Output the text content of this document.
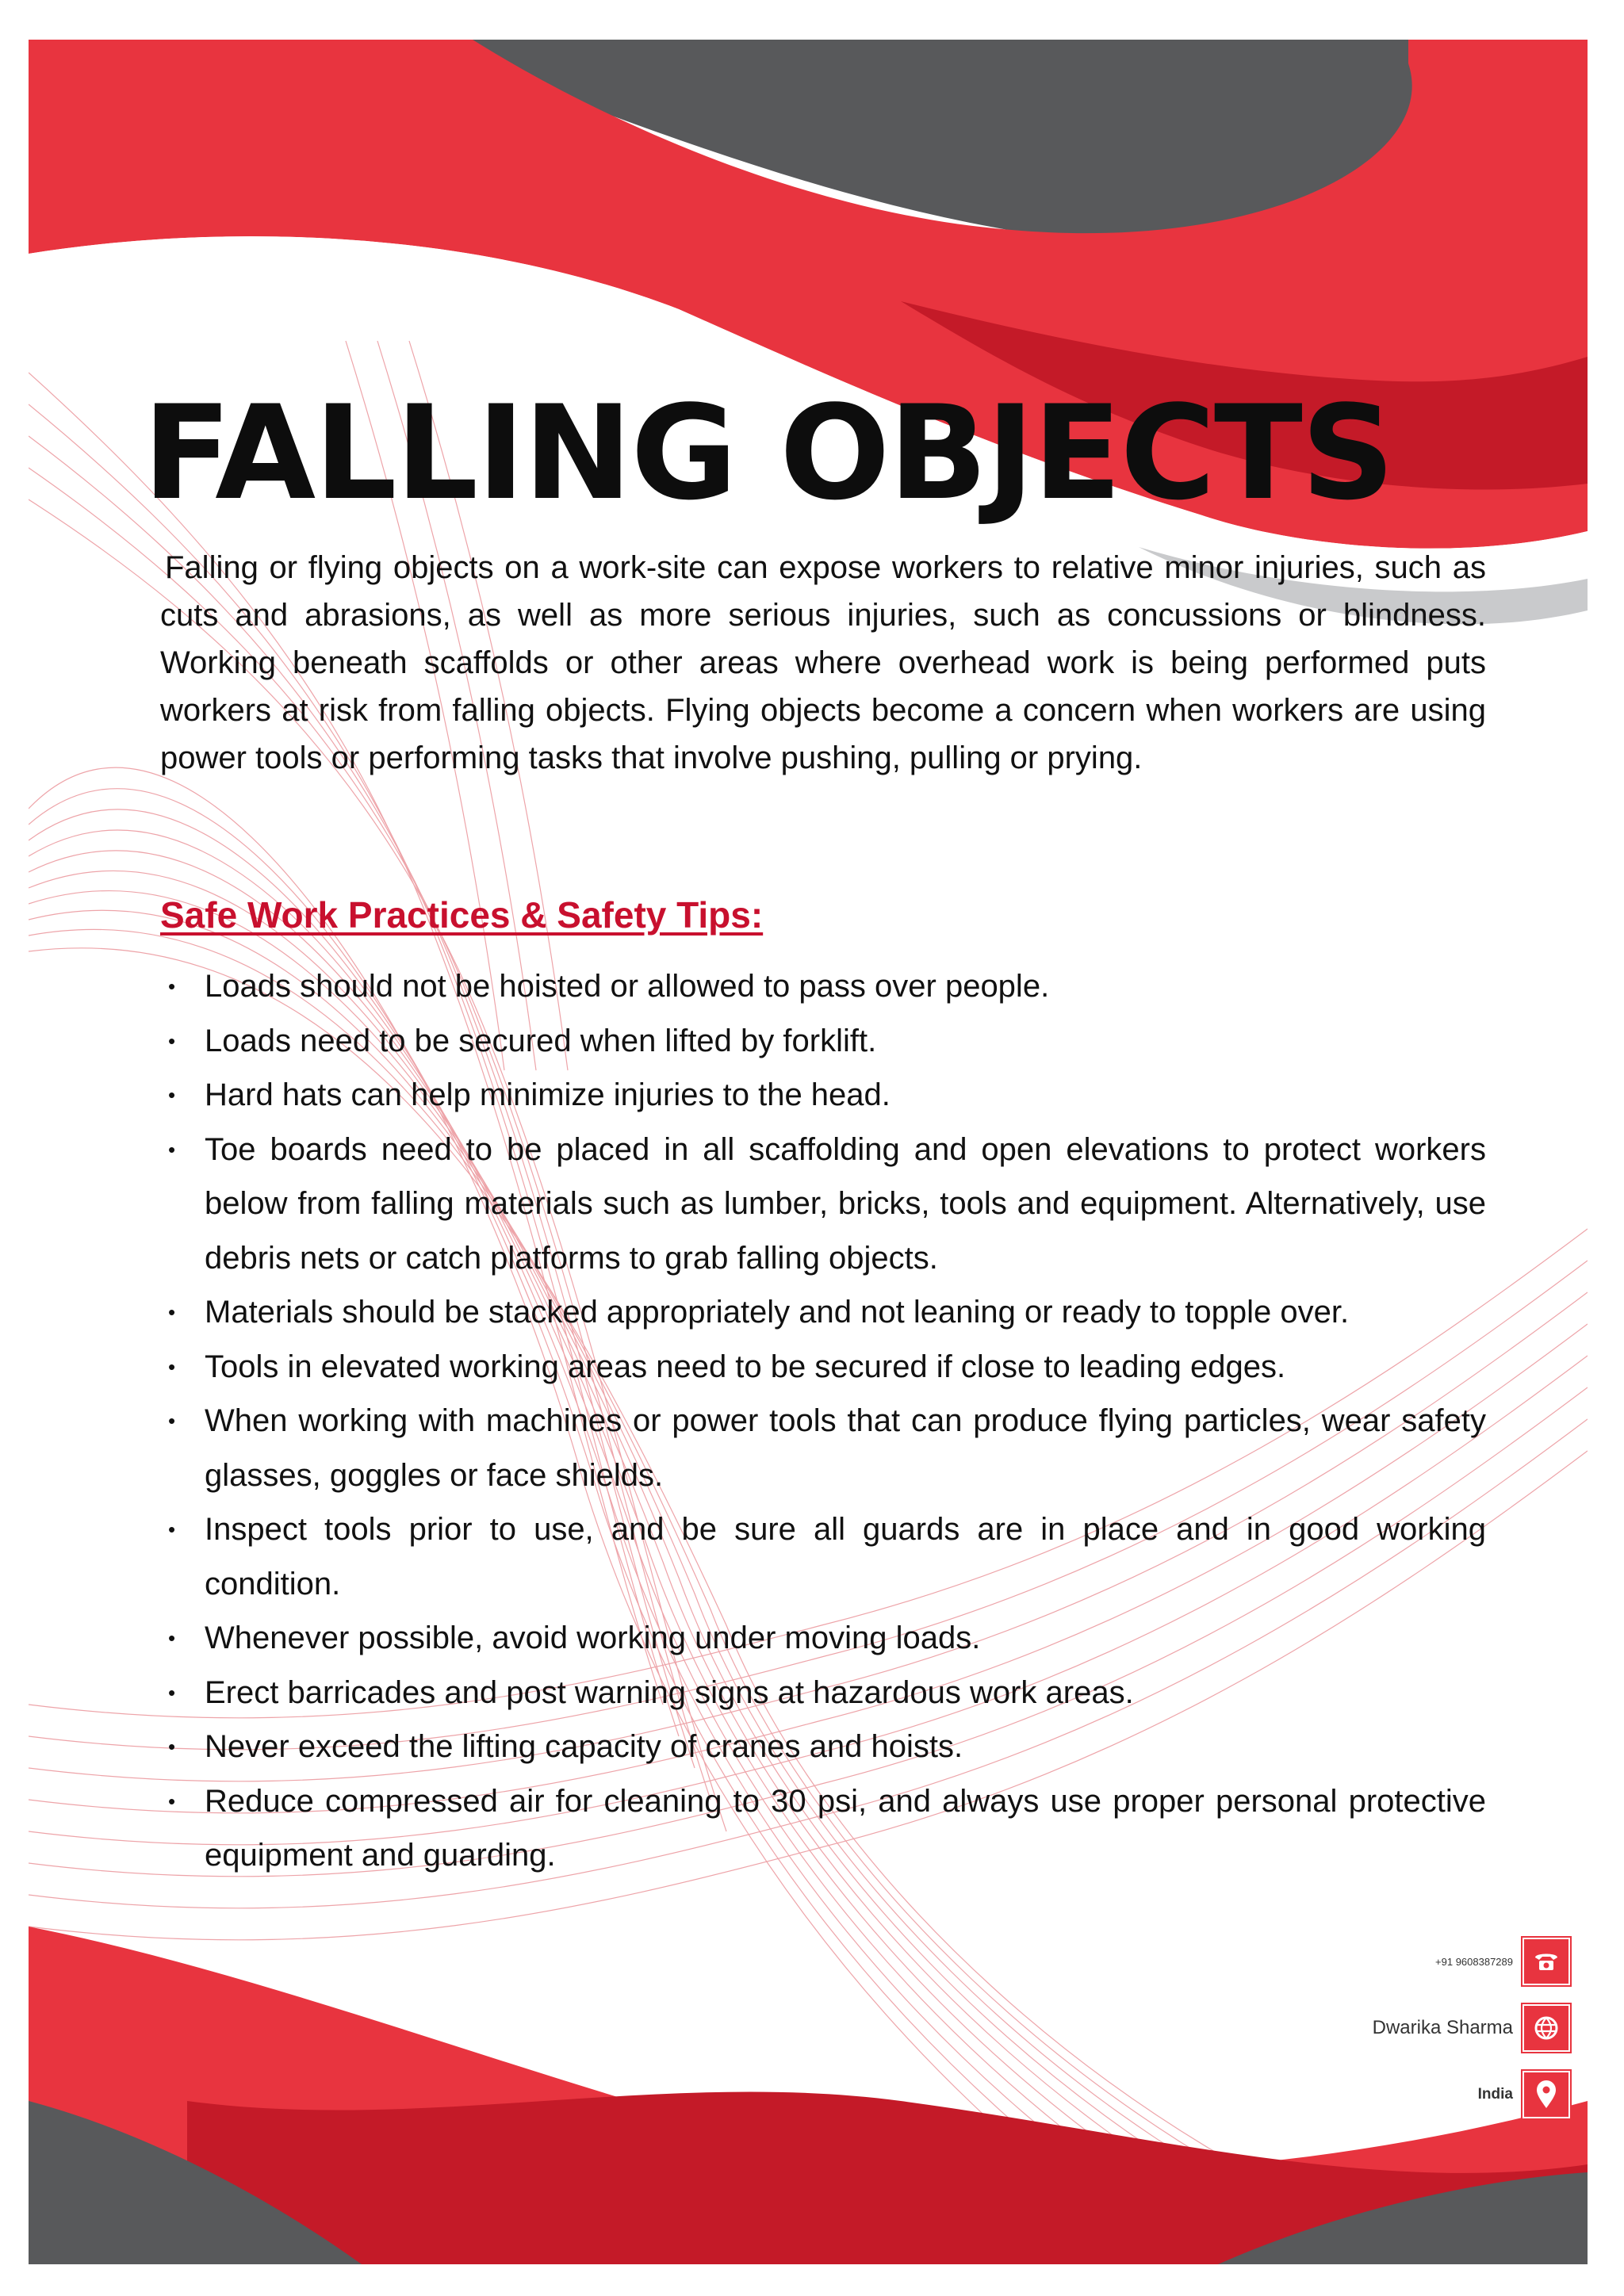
FALLING OBJECTS

Falling or flying objects on a work-site can expose workers to relative minor injuries, such as cuts and abrasions, as well as more serious injuries, such as concussions or blindness. Working beneath scaffolds or other areas where overhead work is being performed puts workers at risk from falling objects. Flying objects become a concern when workers are using power tools or performing tasks that involve pushing, pulling or prying.

Safe Work Practices & Safety Tips:
• Loads should not be hoisted or allowed to pass over people.
• Loads need to be secured when lifted by forklift.
• Hard hats can help minimize injuries to the head.
• Toe boards need to be placed in all scaffolding and open elevations to protect workers below from falling materials such as lumber, bricks, tools and equipment. Alternatively, use debris nets or catch platforms to grab falling objects.
• Materials should be stacked appropriately and not leaning or ready to topple over.
• Tools in elevated working areas need to be secured if close to leading edges.
• When working with machines or power tools that can produce flying particles, wear safety glasses, goggles or face shields.
• Inspect tools prior to use, and be sure all guards are in place and in good working condition.
• Whenever possible, avoid working under moving loads.
• Erect barricades and post warning signs at hazardous work areas.
• Never exceed the lifting capacity of cranes and hoists.
• Reduce compressed air for cleaning to 30 psi, and always use proper personal protective equipment and guarding.
+91 9608387289
Dwarika Sharma
India
